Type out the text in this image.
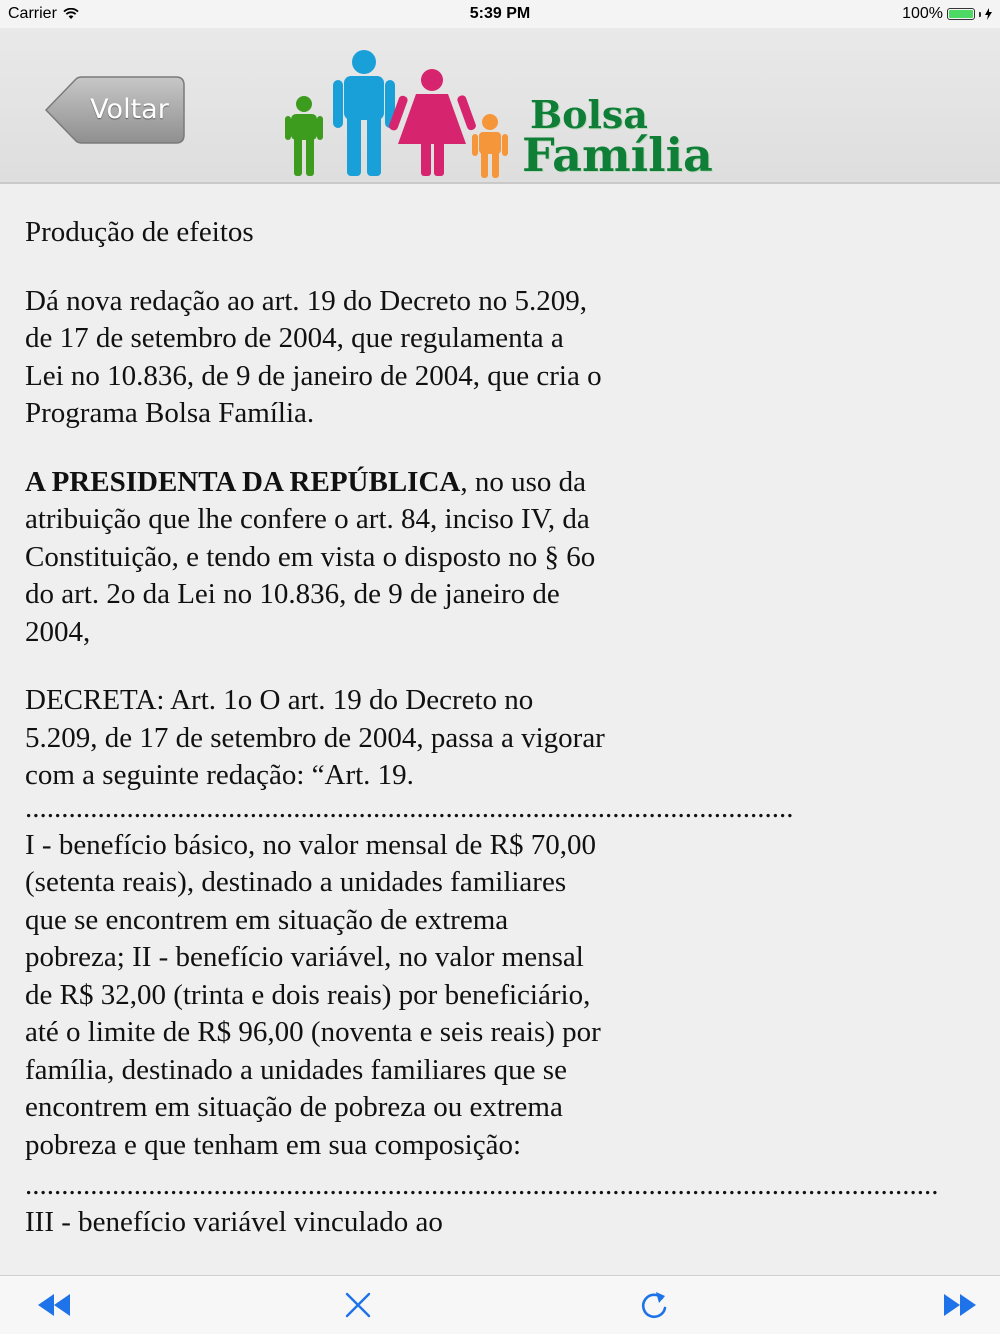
Carrier	5:39 PM	100%
Voltar	Bolsa
Família

Produção de efeitos

Dá nova redação ao art. 19 do Decreto no 5.209, de 17 de setembro de 2004, que regulamenta a Lei no 10.836, de 9 de janeiro de 2004, que cria o Programa Bolsa Família.

A PRESIDENTA DA REPÚBLICA, no uso da atribuição que lhe confere o art. 84, inciso IV, da Constituição, e tendo em vista o disposto no § 6o do art. 2o da Lei no 10.836, de 9 de janeiro de 2004,

DECRETA: Art. 1o O art. 19 do Decreto no 5.209, de 17 de setembro de 2004, passa a vigorar com a seguinte redação: “Art. 19.

..........................................................................................................

I - benefício básico, no valor mensal de R$ 70,00 (setenta reais), destinado a unidades familiares que se encontrem em situação de extrema pobreza; II - benefício variável, no valor mensal de R$ 32,00 (trinta e dois reais) por beneficiário, até o limite de R$ 96,00 (noventa e seis reais) por família, destinado a unidades familiares que se encontrem em situação de pobreza ou extrema pobreza e que tenham em sua composição:

..............................................................................................................................

III - benefício variável vinculado ao
